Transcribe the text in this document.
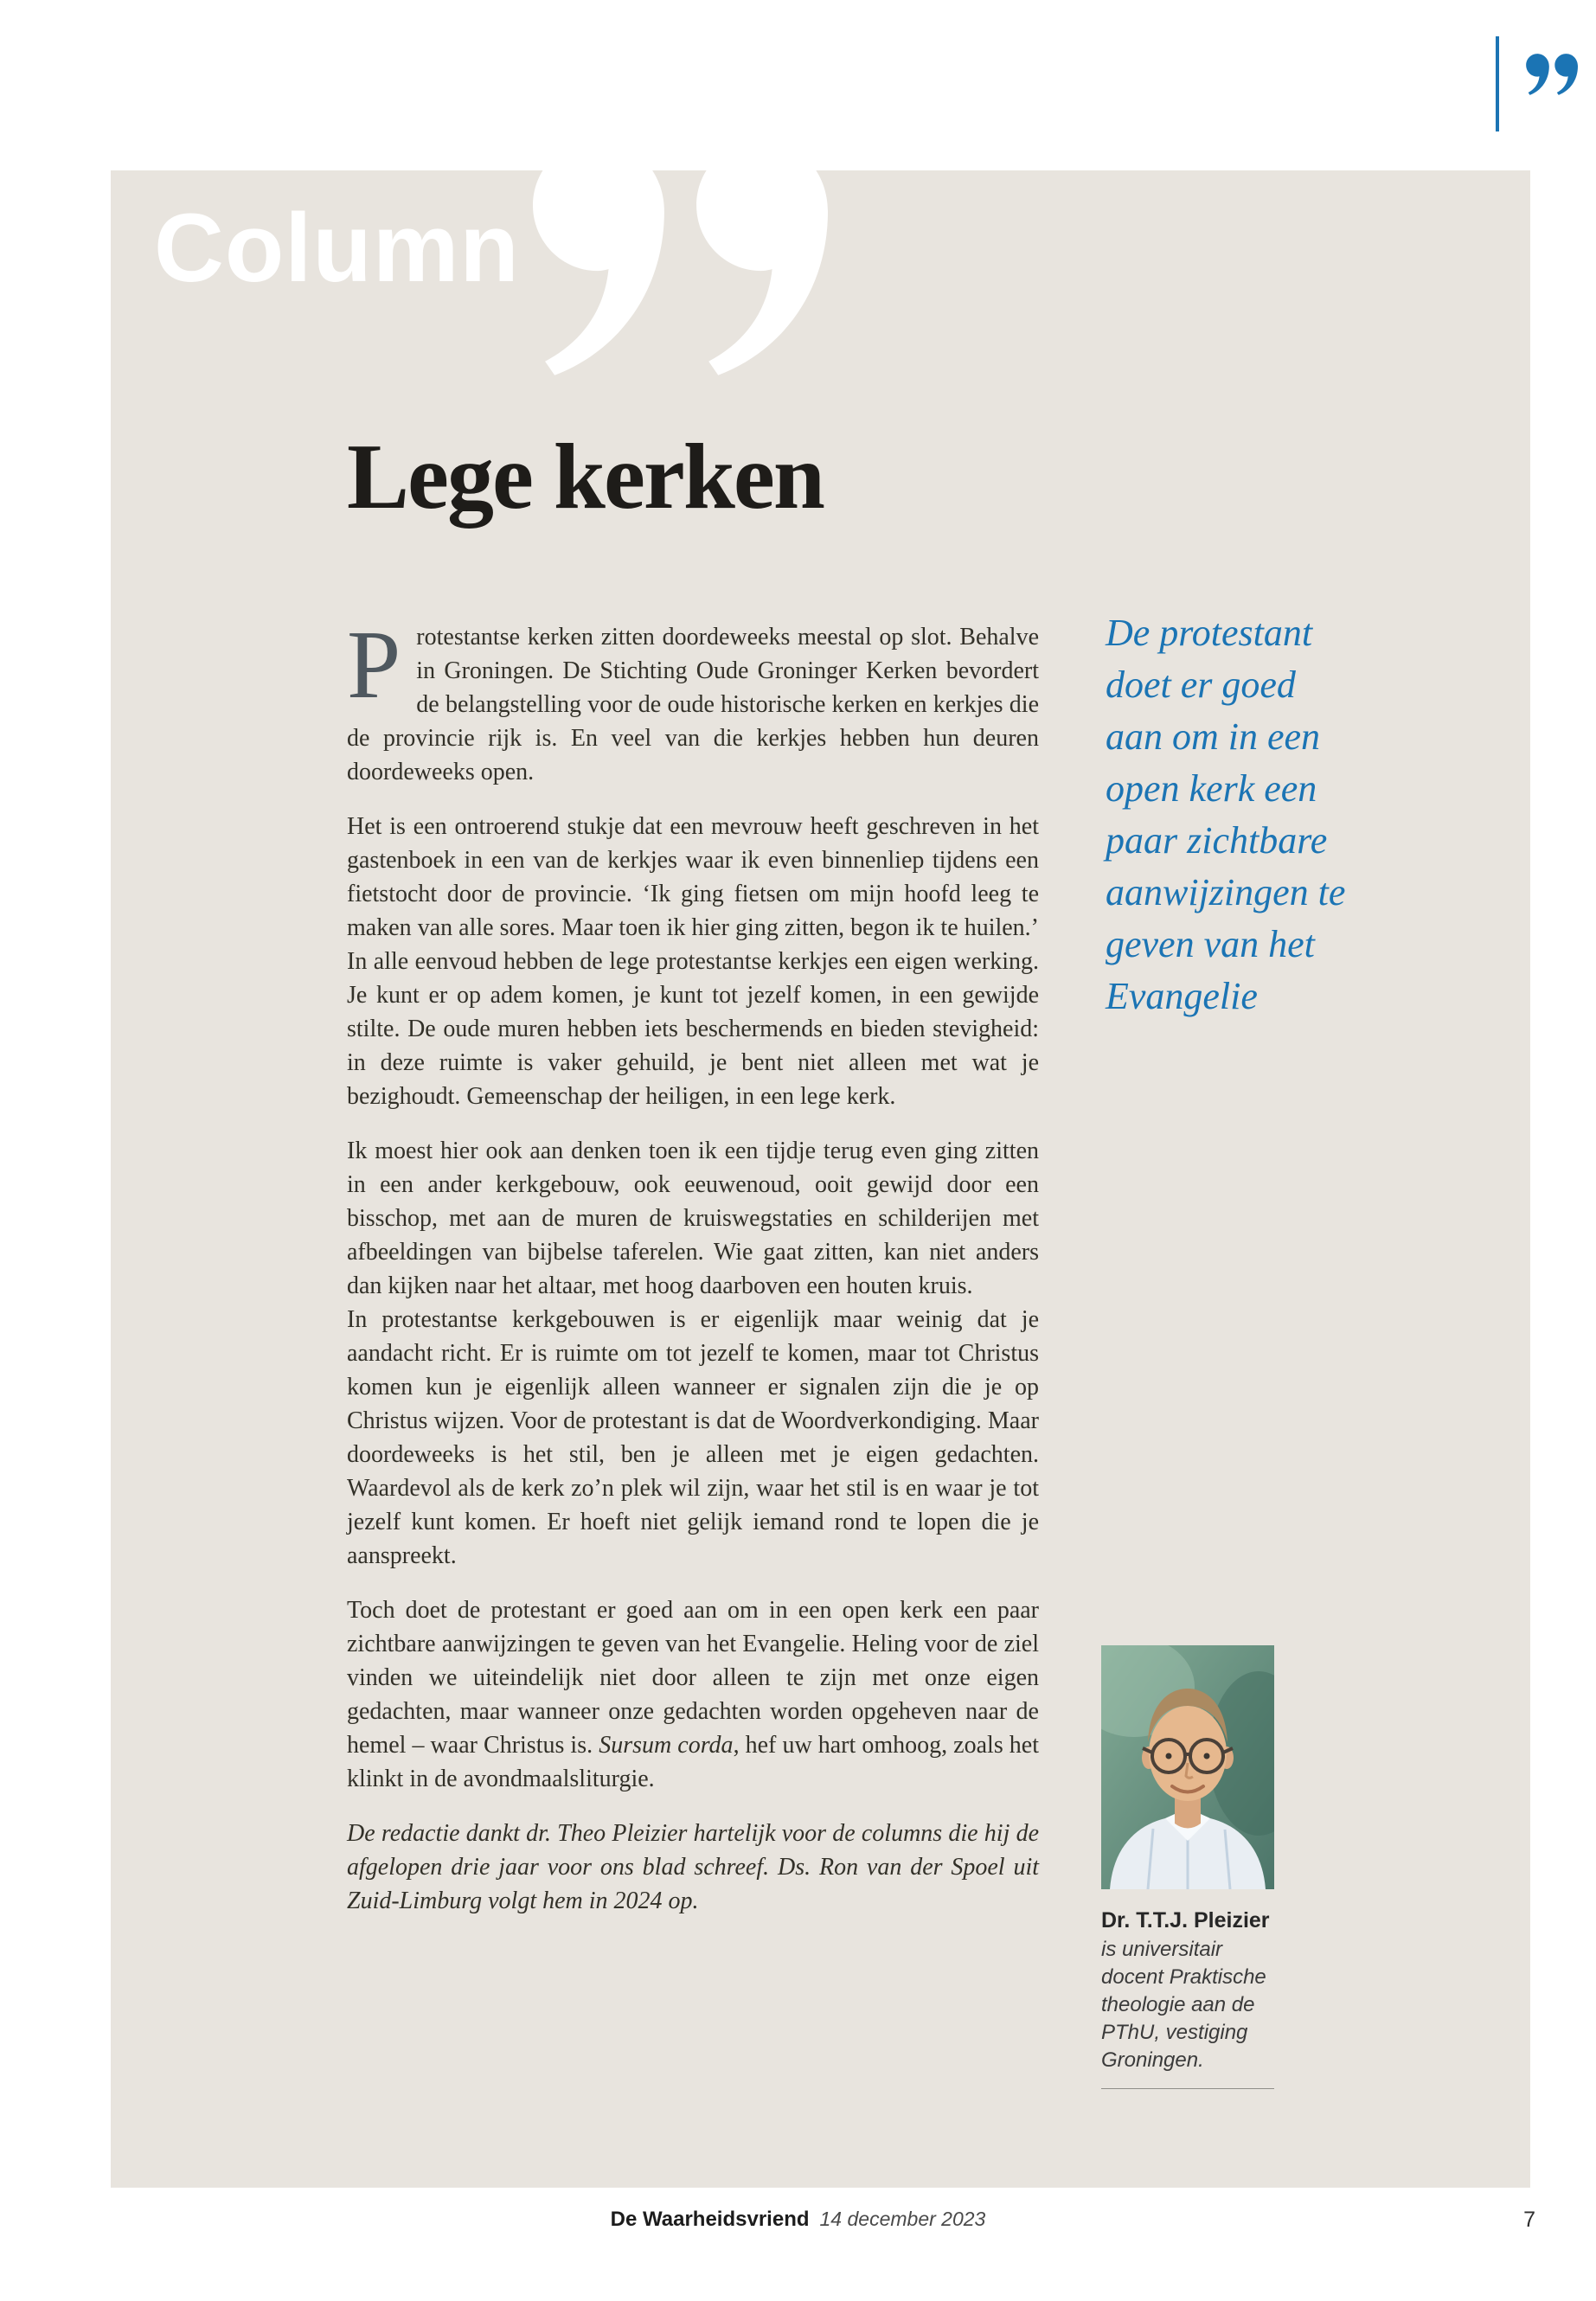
Column
Lege kerken

Protestantse kerken zitten doordeweeks meestal op slot. Behalve in Groningen. De Stichting Oude Groninger Kerken bevordert de belangstelling voor de oude historische kerken en kerkjes die de provincie rijk is. En veel van die kerkjes hebben hun deuren doordeweeks open.

Het is een ontroerend stukje dat een mevrouw heeft geschreven in het gastenboek in een van de kerkjes waar ik even binnenliep tijdens een fietstocht door de provincie. ‘Ik ging fietsen om mijn hoofd leeg te maken van alle sores. Maar toen ik hier ging zitten, begon ik te huilen.’ In alle eenvoud hebben de lege protestantse kerkjes een eigen werking. Je kunt er op adem komen, je kunt tot jezelf komen, in een gewijde stilte. De oude muren hebben iets beschermends en bieden stevigheid: in deze ruimte is vaker gehuild, je bent niet alleen met wat je bezighoudt. Gemeenschap der heiligen, in een lege kerk.

Ik moest hier ook aan denken toen ik een tijdje terug even ging zitten in een ander kerkgebouw, ook eeuwenoud, ooit gewijd door een bisschop, met aan de muren de kruiswegstaties en schilderijen met afbeeldingen van bijbelse taferelen. Wie gaat zitten, kan niet anders dan kijken naar het altaar, met hoog daarboven een houten kruis.

In protestantse kerkgebouwen is er eigenlijk maar weinig dat je aandacht richt. Er is ruimte om tot jezelf te komen, maar tot Christus komen kun je eigenlijk alleen wanneer er signalen zijn die je op Christus wijzen. Voor de protestant is dat de Woordverkondiging. Maar doordeweeks is het stil, ben je alleen met je eigen gedachten. Waardevol als de kerk zo’n plek wil zijn, waar het stil is en waar je tot jezelf kunt komen. Er hoeft niet gelijk iemand rond te lopen die je aanspreekt.

Toch doet de protestant er goed aan om in een open kerk een paar zichtbare aanwijzingen te geven van het Evangelie. Heling voor de ziel vinden we uiteindelijk niet door alleen te zijn met onze eigen gedachten, maar wanneer onze gedachten worden opgeheven naar de hemel – waar Christus is. Sursum corda, hef uw hart omhoog, zoals het klinkt in de avondmaalsliturgie.

De redactie dankt dr. Theo Pleizier hartelijk voor de columns die hij de afgelopen drie jaar voor ons blad schreef. Ds. Ron van der Spoel uit Zuid-Limburg volgt hem in 2024 op.

De protestant doet er goed aan om in een open kerk een paar zichtbare aanwijzingen te geven van het Evangelie
Dr. T.T.J. Pleizier
is universitair docent Praktische theologie aan de PThU, vestiging Groningen.
De Waarheidsvriend 14 december 2023	7
